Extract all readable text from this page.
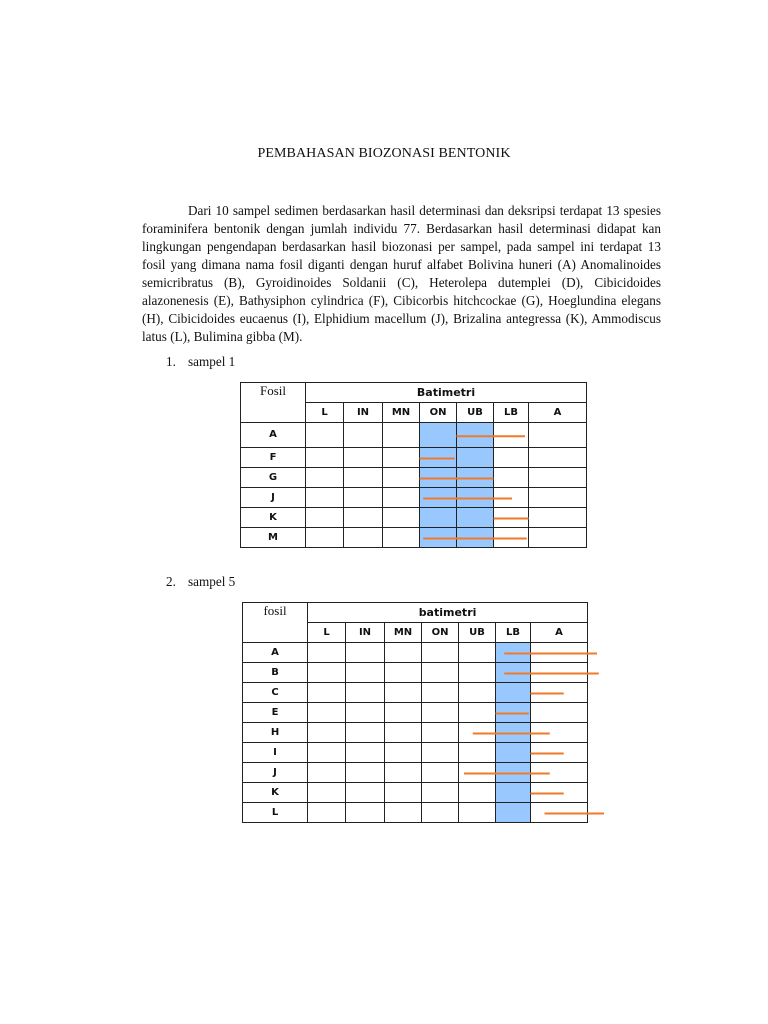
PEMBAHASAN BIOZONASI BENTONIK

Dari 10 sampel sedimen berdasarkan hasil determinasi dan deksripsi terdapat 13 spesies foraminifera bentonik dengan jumlah individu 77. Berdasarkan hasil determinasi didapat kan lingkungan pengendapan berdasarkan hasil biozonasi per sampel, pada sampel ini terdapat 13 fosil yang dimana nama fosil diganti dengan huruf alfabet Bolivina huneri (A) Anomalinoides semicribratus (B), Gyroidinoides Soldanii (C), Heterolepa dutemplei (D), Cibicidoides alazonenesis (E), Bathysiphon cylindrica (F), Cibicorbis hitchcockae (G), Hoeglundina elegans (H), Cibicidoides eucaenus (I), Elphidium macellum (J), Brizalina antegressa (K), Ammodiscus latus (L), Bulimina gibba (M).

1. sampel 1
Fosil	Batimetri						
	L	IN	MN	ON	UB	LB	A
A							
F							
G							
J							
K							
M							
2. sampel 5
fosil	batimetri						
	L	IN	MN	ON	UB	LB	A
A							
B							
C							
E							
H							
I							
J							
K							
L							
